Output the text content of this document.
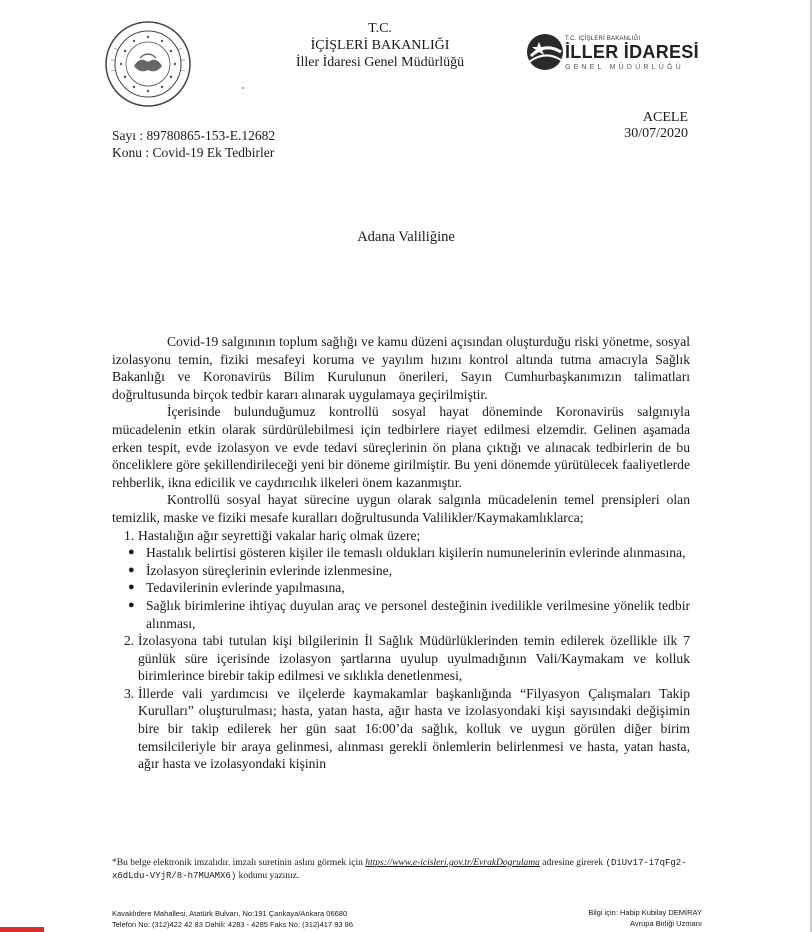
T.C.
İÇİŞLERİ BAKANLIĞI
İller İdaresi Genel Müdürlüğü
T.C. İÇİŞLERİ BAKANLIĞI
İLLER İDARESİ
GENEL MÜDÜRLÜĞÜ
ACELE
30/07/2020
Sayı : 89780865-153-E.12682
Konu : Covid-19 Ek Tedbirler
Adana Valiliğine

Covid-19 salgınının toplum sağlığı ve kamu düzeni açısından oluşturduğu riski yönetme, sosyal izolasyonu temin, fiziki mesafeyi koruma ve yayılım hızını kontrol altında tutma amacıyla Sağlık Bakanlığı ve Koronavirüs Bilim Kurulunun önerileri, Sayın Cumhurbaşkanımızın talimatları doğrultusunda birçok tedbir kararı alınarak uygulamaya geçirilmiştir.

İçerisinde bulunduğumuz kontrollü sosyal hayat döneminde Koronavirüs salgınıyla mücadelenin etkin olarak sürdürülebilmesi için tedbirlere riayet edilmesi elzemdir. Gelinen aşamada erken tespit, evde izolasyon ve evde tedavi süreçlerinin ön plana çıktığı ve alınacak tedbirlerin de bu önceliklere göre şekillendirileceği yeni bir döneme girilmiştir. Bu yeni dönemde yürütülecek faaliyetlerde rehberlik, ikna edicilik ve caydırıcılık ilkeleri önem kazanmıştır.

Kontrollü sosyal hayat sürecine uygun olarak salgınla mücadelenin temel prensipleri olan temizlik, maske ve fiziki mesafe kuralları doğrultusunda Valilikler/Kaymakamlıklarca;

1. Hastalığın ağır seyrettiği vakalar hariç olmak üzere;
● Hastalık belirtisi gösteren kişiler ile temaslı oldukları kişilerin numunelerinin evlerinde alınmasına,
● İzolasyon süreçlerinin evlerinde izlenmesine,
● Tedavilerinin evlerinde yapılmasına,
● Sağlık birimlerine ihtiyaç duyulan araç ve personel desteğinin ivedilikle verilmesine yönelik tedbir alınması,
2. İzolasyona tabi tutulan kişi bilgilerinin İl Sağlık Müdürlüklerinden temin edilerek özellikle ilk 7 günlük süre içerisinde izolasyon şartlarına uyulup uyulmadığının Vali/Kaymakam ve kolluk birimlerince birebir takip edilmesi ve sıklıkla denetlenmesi,
3. İllerde vali yardımcısı ve ilçelerde kaymakamlar başkanlığında “Filyasyon Çalışmaları Takip Kurulları” oluşturulması; hasta, yatan hasta, ağır hasta ve izolasyondaki kişi sayısındaki değişimin bire bir takip edilerek her gün saat 16:00’da sağlık, kolluk ve uygun görülen diğer birim temsilcileriyle bir araya gelinmesi, alınması gerekli önlemlerin belirlenmesi ve hasta, yatan hasta, ağır hasta ve izolasyondaki kişinin
*Bu belge elektronik imzalıdır. imzalı suretinin aslını görmek için https://www.e-icisleri.gov.tr/EvrakDogrulama adresine girerek (DiUv17-i7qFg2-x6dLdu-VYjR/8-h7MUAMX6) kodunu yazınız.
Kavaklıdere Mahallesi, Atatürk Bulvarı, No:191 Çankaya/Ankara 06680
Telefon No: (312)422 42 83 Dahili: 4283 - 4285 Faks No: (312)417 93 86
Bilgi için: Habip Kubilay DEMİRAY
Avrupa Birliği Uzmanı
